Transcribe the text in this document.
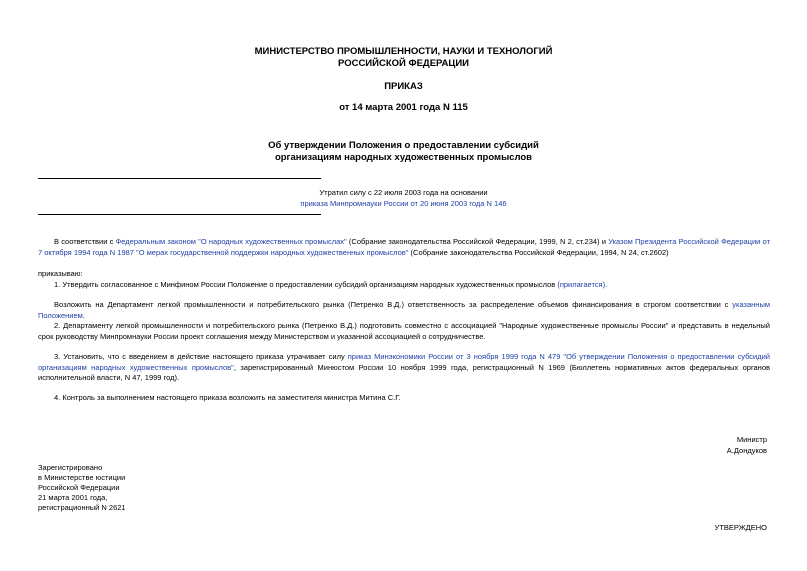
МИНИСТЕРСТВО ПРОМЫШЛЕННОСТИ, НАУКИ И ТЕХНОЛОГИЙ
РОССИЙСКОЙ ФЕДЕРАЦИИ
ПРИКАЗ
от 14 марта 2001 года N 115
Об утверждении Положения о предоставлении субсидий
организациям народных художественных промыслов
Утратил силу с 22 июля 2003 года на основании
приказа Минпромнауки России от 20 июня 2003 года N 146
В соответствии с Федеральным законом "О народных художественных промыслах" (Собрание законодательства Российской Федерации, 1999, N 2, ст.234) и Указом Президента Российской Федерации от 7 октября 1994 года N 1987 "О мерах государственной поддержки народных художественных промыслов" (Собрание законодательства Российской Федерации, 1994, N 24, ст.2602)
приказываю:
1. Утвердить согласованное с Минфином России Положение о предоставлении субсидий организациям народных художественных промыслов (прилагается).
Возложить на Департамент легкой промышленности и потребительского рынка (Петренко В.Д.) ответственность за распределение объемов финансирования в строгом соответствии с указанным Положением.
2. Департаменту легкой промышленности и потребительского рынка (Петренко В.Д.) подготовить совместно с ассоциацией "Народные художественные промыслы России" и представить в недельный срок руководству Минпромнауки России проект соглашения между Министерством и указанной ассоциацией о сотрудничестве.
3. Установить, что с введением в действие настоящего приказа утрачивает силу приказ Минэкономики России от 3 ноября 1999 года N 479 "Об утверждении Положения о предоставлении субсидий организациям народных художественных промыслов", зарегистрированный Минюстом России 10 ноября 1999 года, регистрационный N 1969 (Бюллетень нормативных актов федеральных органов исполнительной власти, N 47, 1999 год).
4. Контроль за выполнением настоящего приказа возложить на заместителя министра Митина С.Г.
Министр
А.Дондуков
Зарегистрировано
в Министерстве юстиции
Российской Федерации
21 марта 2001 года,
регистрационный N 2621
УТВЕРЖДЕНО
